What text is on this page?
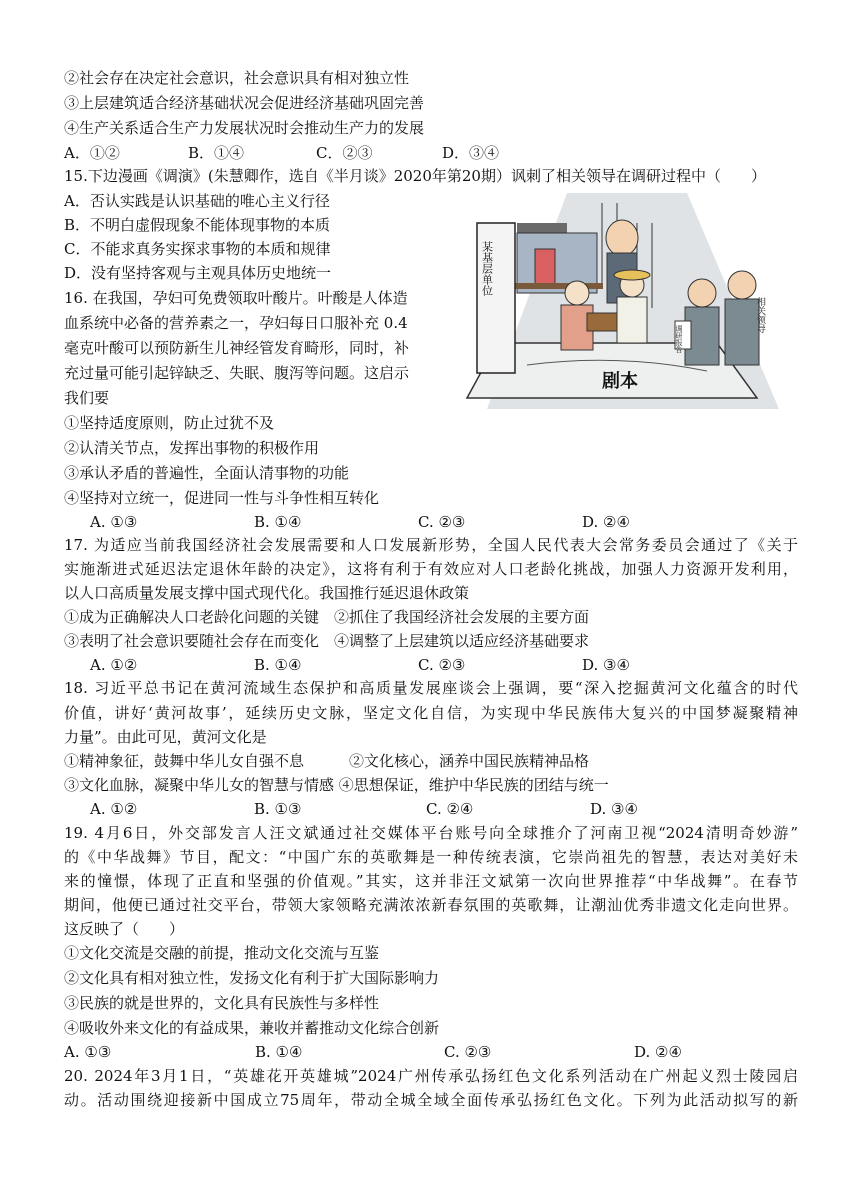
②社会存在决定社会意识，社会意识具有相对独立性
③上层建筑适合经济基础状况会促进经济基础巩固完善
④生产关系适合生产力发展状况时会推动生产力的发展
A．①②	B．①④	C．②③	D．③④
15.下边漫画《调演》(朱慧卿作，选自《半月谈》2020年第20期）讽刺了相关领导在调研过程中（　　）
A．否认实践是认识基础的唯心主义行径
B．不明白虚假现象不能体现事物的本质
C．不能求真务实探求事物的本质和规律
D．没有坚持客观与主观具体历史地统一
剧本
某基层单位
调研报告
相关领导
16. 在我国，孕妇可免费领取叶酸片。叶酸是人体造
血系统中必备的营养素之一，孕妇每日口服补充 0.4
毫克叶酸可以预防新生儿神经管发育畸形，同时，补
充过量可能引起锌缺乏、失眠、腹泻等问题。这启示
我们要
①坚持适度原则，防止过犹不及
②认清关节点，发挥出事物的积极作用
③承认矛盾的普遍性，全面认清事物的功能
④坚持对立统一，促进同一性与斗争性相互转化
A. ①③	B. ①④	C. ②③	D. ②④
17. 为适应当前我国经济社会发展需要和人口发展新形势，全国人民代表大会常务委员会通过了《关于
实施渐进式延迟法定退休年龄的决定》，这将有利于有效应对人口老龄化挑战，加强人力资源开发利用，
以人口高质量发展支撑中国式现代化。我国推行延迟退休政策
①成为正确解决人口老龄化问题的关键　②抓住了我国经济社会发展的主要方面
③表明了社会意识要随社会存在而变化　④调整了上层建筑以适应经济基础要求
A. ①②	B. ①④	C. ②③	D. ③④
18. 习近平总书记在黄河流域生态保护和高质量发展座谈会上强调，要“深入挖掘黄河文化蕴含的时代
价值，讲好‘黄河故事’，延续历史文脉，坚定文化自信，为实现中华民族伟大复兴的中国梦凝聚精神
力量”。由此可见，黄河文化是
①精神象征，鼓舞中华儿女自强不息　　　②文化核心，涵养中国民族精神品格
③文化血脉，凝聚中华儿女的智慧与情感 ④思想保证，维护中华民族的团结与统一
A. ①②	B. ①③	C. ②④	D. ③④
19. 4月6日，外交部发言人汪文斌通过社交媒体平台账号向全球推介了河南卫视“2024清明奇妙游”
的《中华战舞》节目，配文：“中国广东的英歌舞是一种传统表演，它崇尚祖先的智慧，表达对美好未
来的憧憬，体现了正直和坚强的价值观。”其实，这并非汪文斌第一次向世界推荐“中华战舞”。在春节
期间，他便已通过社交平台，带领大家领略充满浓浓新春氛围的英歌舞，让潮汕优秀非遗文化走向世界。
这反映了（　　）
①文化交流是交融的前提，推动文化交流与互鉴
②文化具有相对独立性，发扬文化有利于扩大国际影响力
③民族的就是世界的，文化具有民族性与多样性
④吸收外来文化的有益成果，兼收并蓄推动文化综合创新
A. ①③	B. ①④	C. ②③	D. ②④
20. 2024年3月1日，“英雄花开英雄城”2024广州传承弘扬红色文化系列活动在广州起义烈士陵园启
动。活动围绕迎接新中国成立75周年，带动全城全域全面传承弘扬红色文化。下列为此活动拟写的新
